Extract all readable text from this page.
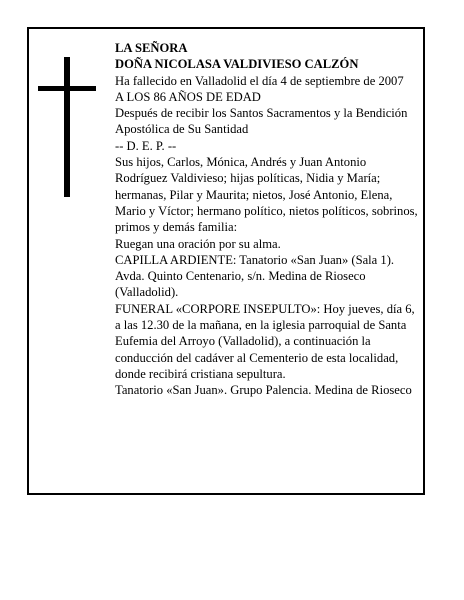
LA SEÑORA

DOÑA NICOLASA VALDIVIESO CALZÓN

Ha fallecido en Valladolid el día 4 de septiembre de 2007

A LOS 86 AÑOS DE EDAD

Después de recibir los Santos Sacramentos y la Bendición Apostólica de Su Santidad

-- D. E. P. --

Sus hijos, Carlos, Mónica, Andrés y Juan Antonio Rodríguez Valdivieso; hijas políticas, Nidia y María; hermanas, Pilar y Maurita; nietos, José Antonio, Elena, Mario y Víctor; hermano político, nietos políticos, sobrinos, primos y demás familia:

Ruegan una oración por su alma.

CAPILLA ARDIENTE: Tanatorio «San Juan» (Sala 1). Avda. Quinto Centenario, s/n. Medina de Rioseco (Valladolid).

FUNERAL «CORPORE INSEPULTO»: Hoy jueves, día 6, a las 12.30 de la mañana, en la iglesia parroquial de Santa Eufemia del Arroyo (Valladolid), a continuación la conducción del cadáver al Cementerio de esta localidad, donde recibirá cristiana sepultura.

Tanatorio «San Juan». Grupo Palencia. Medina de Rioseco
